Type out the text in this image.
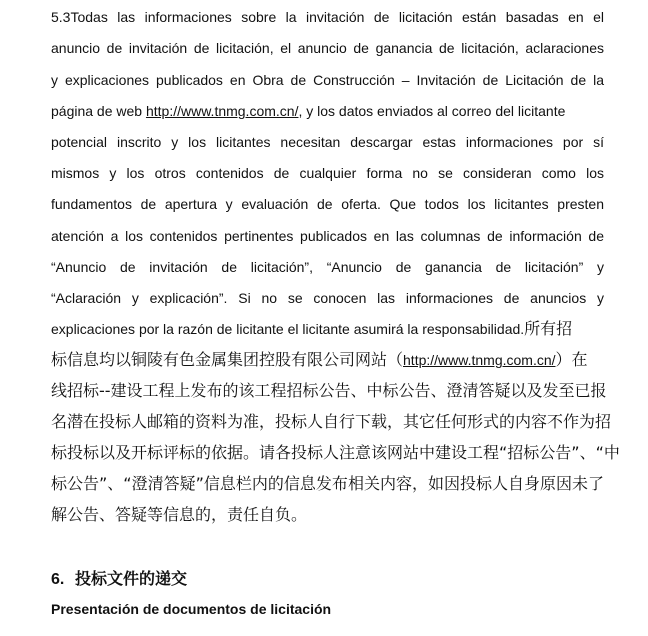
5.3Todas las informaciones sobre la invitación de licitación están basadas en el
anuncio de invitación de licitación, el anuncio de ganancia de licitación, aclaraciones
y explicaciones publicados en Obra de Construcción – Invitación de Licitación de la
página de web http://www.tnmg.com.cn/, y los datos enviados al correo del licitante
potencial inscrito y los licitantes necesitan descargar estas informaciones por sí
mismos y los otros contenidos de cualquier forma no se consideran como los
fundamentos de apertura y evaluación de oferta. Que todos los licitantes presten
atención a los contenidos pertinentes publicados en las columnas de información de
“Anuncio de invitación de licitación”, “Anuncio de ganancia de licitación” y
“Aclaración y explicación”. Si no se conocen las informaciones de anuncios y
explicaciones por la razón de licitante el licitante asumirá la responsabilidad.所有招
标信息均以铜陵有色金属集团控股有限公司网站（http://www.tnmg.com.cn/）在
线招标--建设工程上发布的该工程招标公告、中标公告、澄清答疑以及发至已报
名潜在投标人邮箱的资料为准，投标人自行下载，其它任何形式的内容不作为招
标投标以及开标评标的依据。请各投标人注意该网站中建设工程“招标公告”、“中
标公告”、“澄清答疑”信息栏内的信息发布相关内容，如因投标人自身原因未了
解公告、答疑等信息的，责任自负。
6. 投标文件的递交
Presentación de documentos de licitación
